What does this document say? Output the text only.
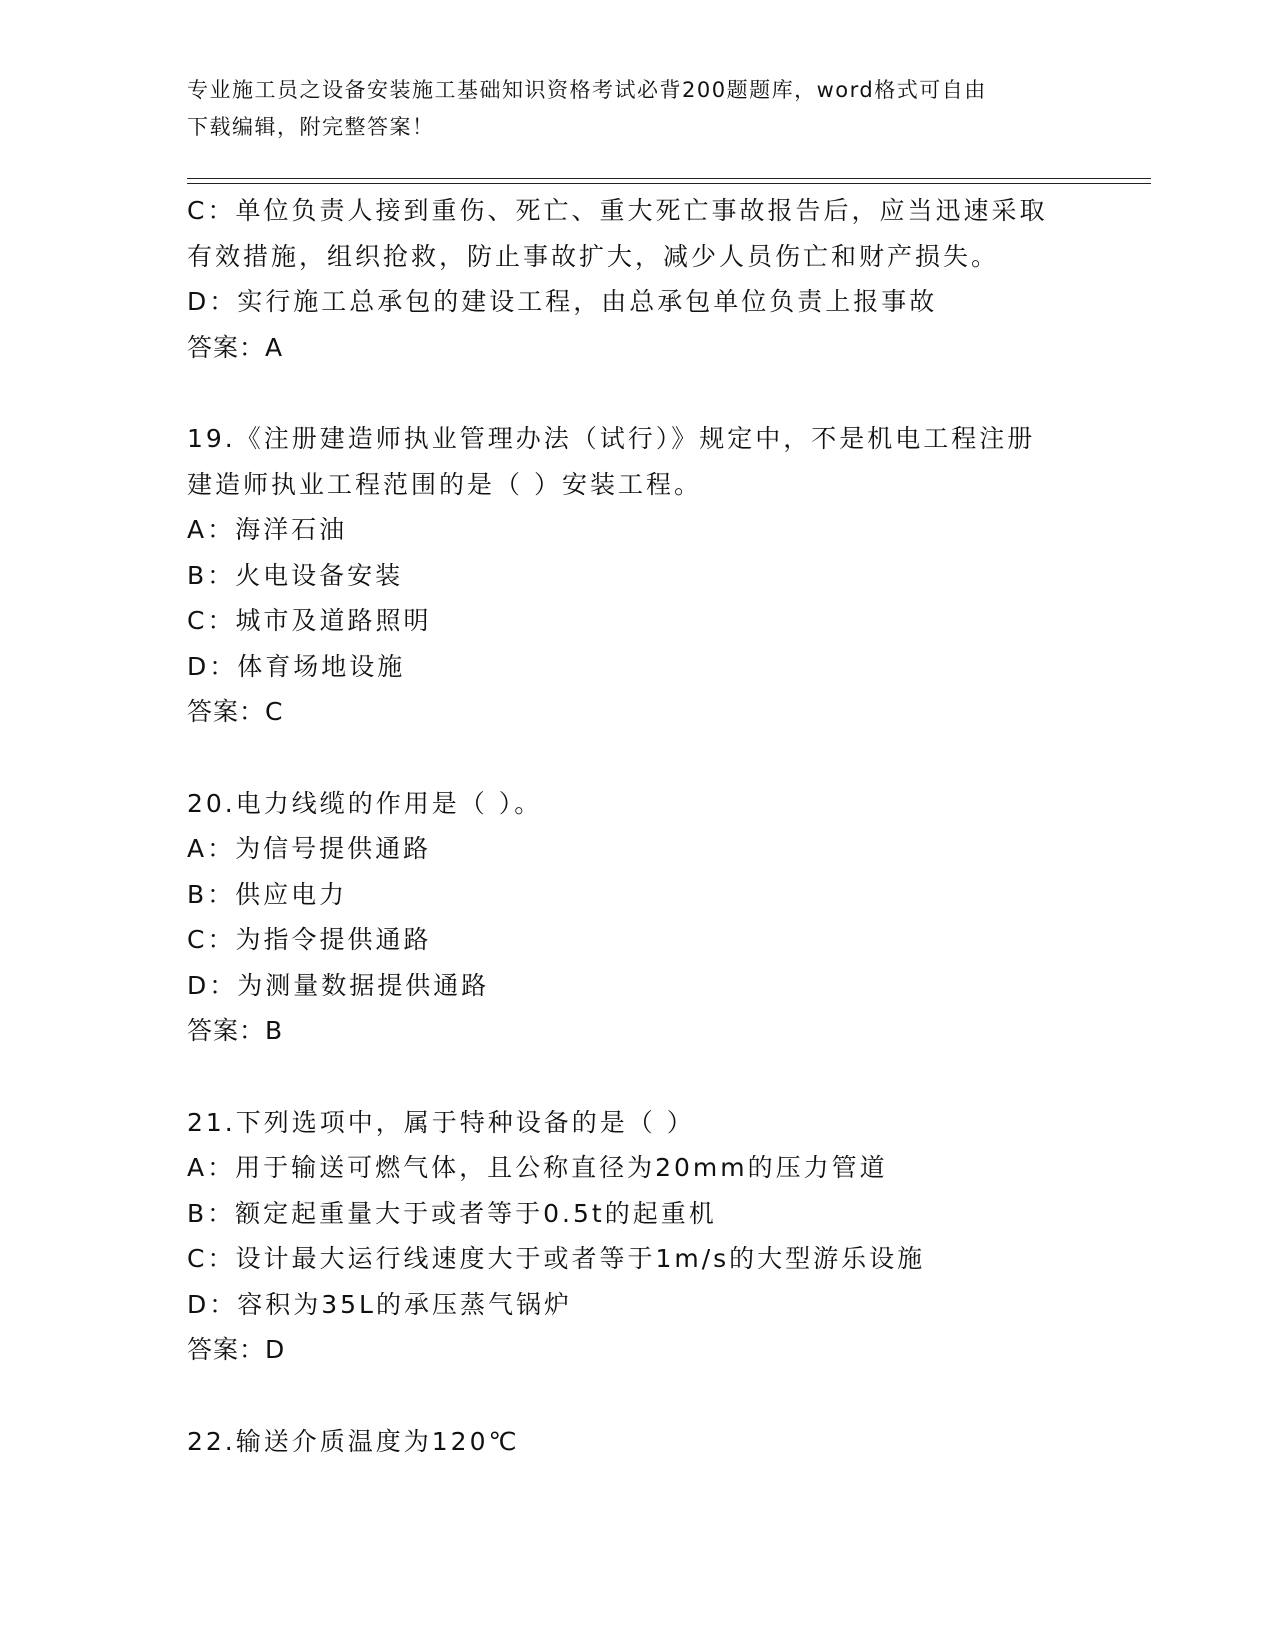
专业施工员之设备安装施工基础知识资格考试必背200题题库，word格式可自由
下载编辑，附完整答案！
C：单位负责人接到重伤、死亡、重大死亡事故报告后，应当迅速采取
有效措施，组织抢救，防止事故扩大，减少人员伤亡和财产损失。
D：实行施工总承包的建设工程，由总承包单位负责上报事故
答案：A
19.《注册建造师执业管理办法（试行）》规定中，不是机电工程注册
建造师执业工程范围的是（ ）安装工程。
A：海洋石油
B：火电设备安装
C：城市及道路照明
D：体育场地设施
答案：C
20.电力线缆的作用是（ ）。
A：为信号提供通路
B：供应电力
C：为指令提供通路
D：为测量数据提供通路
答案：B
21.下列选项中，属于特种设备的是（ ）
A：用于输送可燃气体，且公称直径为20mm的压力管道
B：额定起重量大于或者等于0.5t的起重机
C：设计最大运行线速度大于或者等于1m/s的大型游乐设施
D：容积为35L的承压蒸气锅炉
答案：D
22.输送介质温度为120℃
